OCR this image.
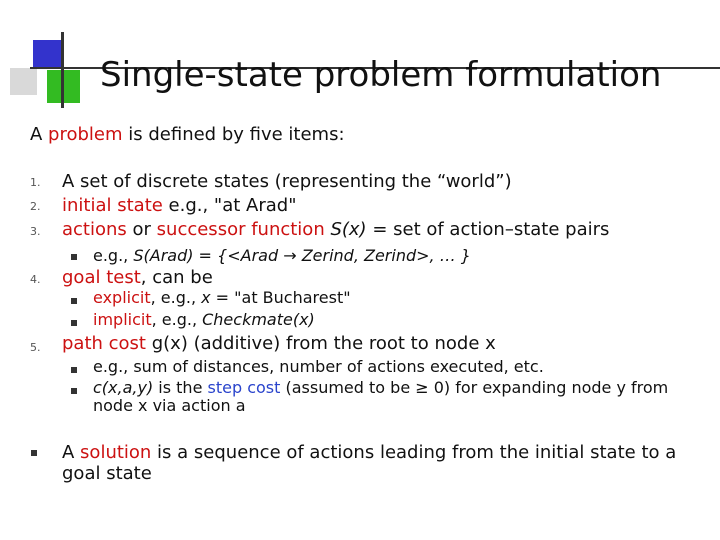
Single-state problem formulation
A problem is defined by five items:
1. A set of discrete states (representing the “world”)
2. initial state e.g., "at Arad"
3. actions or successor function S(x) = set of action–state pairs
e.g., S(Arad) = {<Arad → Zerind, Zerind>, … }
4. goal test, can be
explicit, e.g., x = "at Bucharest"
implicit, e.g., Checkmate(x)
5. path cost g(x) (additive) from the root to node x
e.g., sum of distances, number of actions executed, etc.
c(x,a,y) is the step cost (assumed to be ≥ 0) for expanding node y from
node x via action a
A solution is a sequence of actions leading from the initial state to a
goal state
